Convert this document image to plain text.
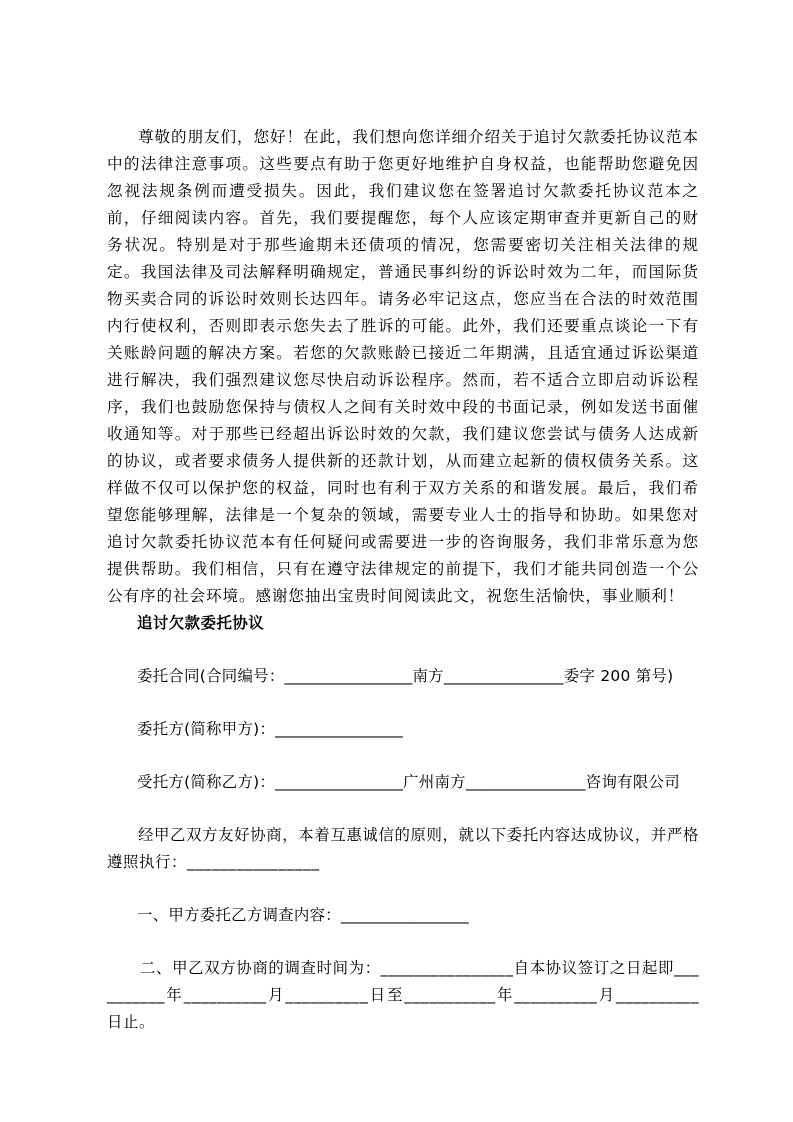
尊敬的朋友们，您好！在此，我们想向您详细介绍关于追讨欠款委托协议范本中的法律注意事项。这些要点有助于您更好地维护自身权益，也能帮助您避免因忽视法规条例而遭受损失。因此，我们建议您在签署追讨欠款委托协议范本之前，仔细阅读内容。首先，我们要提醒您，每个人应该定期审查并更新自己的财务状况。特别是对于那些逾期未还债项的情况，您需要密切关注相关法律的规定。我国法律及司法解释明确规定，普通民事纠纷的诉讼时效为二年，而国际货物买卖合同的诉讼时效则长达四年。请务必牢记这点，您应当在合法的时效范围内行使权利，否则即表示您失去了胜诉的可能。此外，我们还要重点谈论一下有关账龄问题的解决方案。若您的欠款账龄已接近二年期满，且适宜通过诉讼渠道进行解决，我们强烈建议您尽快启动诉讼程序。然而，若不适合立即启动诉讼程序，我们也鼓励您保持与债权人之间有关时效中段的书面记录，例如发送书面催收通知等。对于那些已经超出诉讼时效的欠款，我们建议您尝试与债务人达成新的协议，或者要求债务人提供新的还款计划，从而建立起新的债权债务关系。这样做不仅可以保护您的权益，同时也有利于双方关系的和谐发展。最后，我们希望您能够理解，法律是一个复杂的领域，需要专业人士的指导和协助。如果您对追讨欠款委托协议范本有任何疑问或需要进一步的咨询服务，我们非常乐意为您提供帮助。我们相信，只有在遵守法律规定的前提下，我们才能共同创造一个公公有序的社会环境。感谢您抽出宝贵时间阅读此文，祝您生活愉快，事业顺利！

追讨欠款委托协议

委托合同(合同编号：________________南方_______________委字 200 第号)

委托方(简称甲方)：________________

受托方(简称乙方)：________________广州南方_______________咨询有限公司

经甲乙双方友好协商，本着互惠诚信的原则，就以下委托内容达成协议，并严格遵照执行：________________

一、甲方委托乙方调查内容：________________

二、甲乙双方协商的调查时间为：________________自本协议签订之日起即__________年__________月__________日至___________年__________月__________日止。
